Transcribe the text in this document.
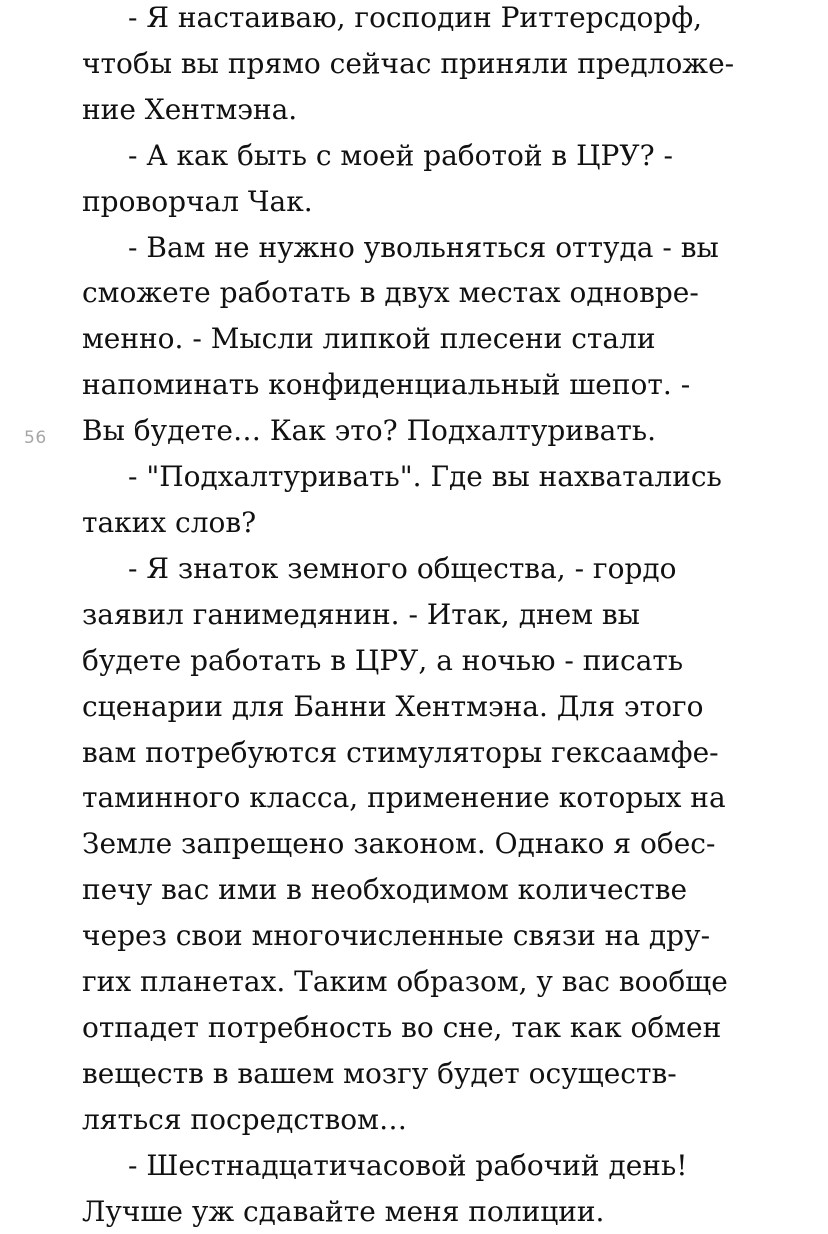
56
- Я настаиваю, господин Риттерсдорф,
чтобы вы прямо сейчас приняли предложе-
ние Хентмэна.
- А как быть с моей работой в ЦРУ? -
проворчал Чак.
- Вам не нужно увольняться оттуда - вы
сможете работать в двух местах одновре-
менно. - Мысли липкой плесени стали
напоминать конфиденциальный шепот. -
Вы будете… Как это? Подхалтуривать.
- "Подхалтуривать". Где вы нахватались
таких слов?
- Я знаток земного общества, - гордо
заявил ганимедянин. - Итак, днем вы
будете работать в ЦРУ, а ночью - писать
сценарии для Банни Хентмэна. Для этого
вам потребуются стимуляторы гексаамфе-
таминного класса, применение которых на
Земле запрещено законом. Однако я обес-
печу вас ими в необходимом количестве
через свои многочисленные связи на дру-
гих планетах. Таким образом, у вас вообще
отпадет потребность во сне, так как обмен
веществ в вашем мозгу будет осуществ-
ляться посредством…
- Шестнадцатичасовой рабочий день!
Лучше уж сдавайте меня полиции.
